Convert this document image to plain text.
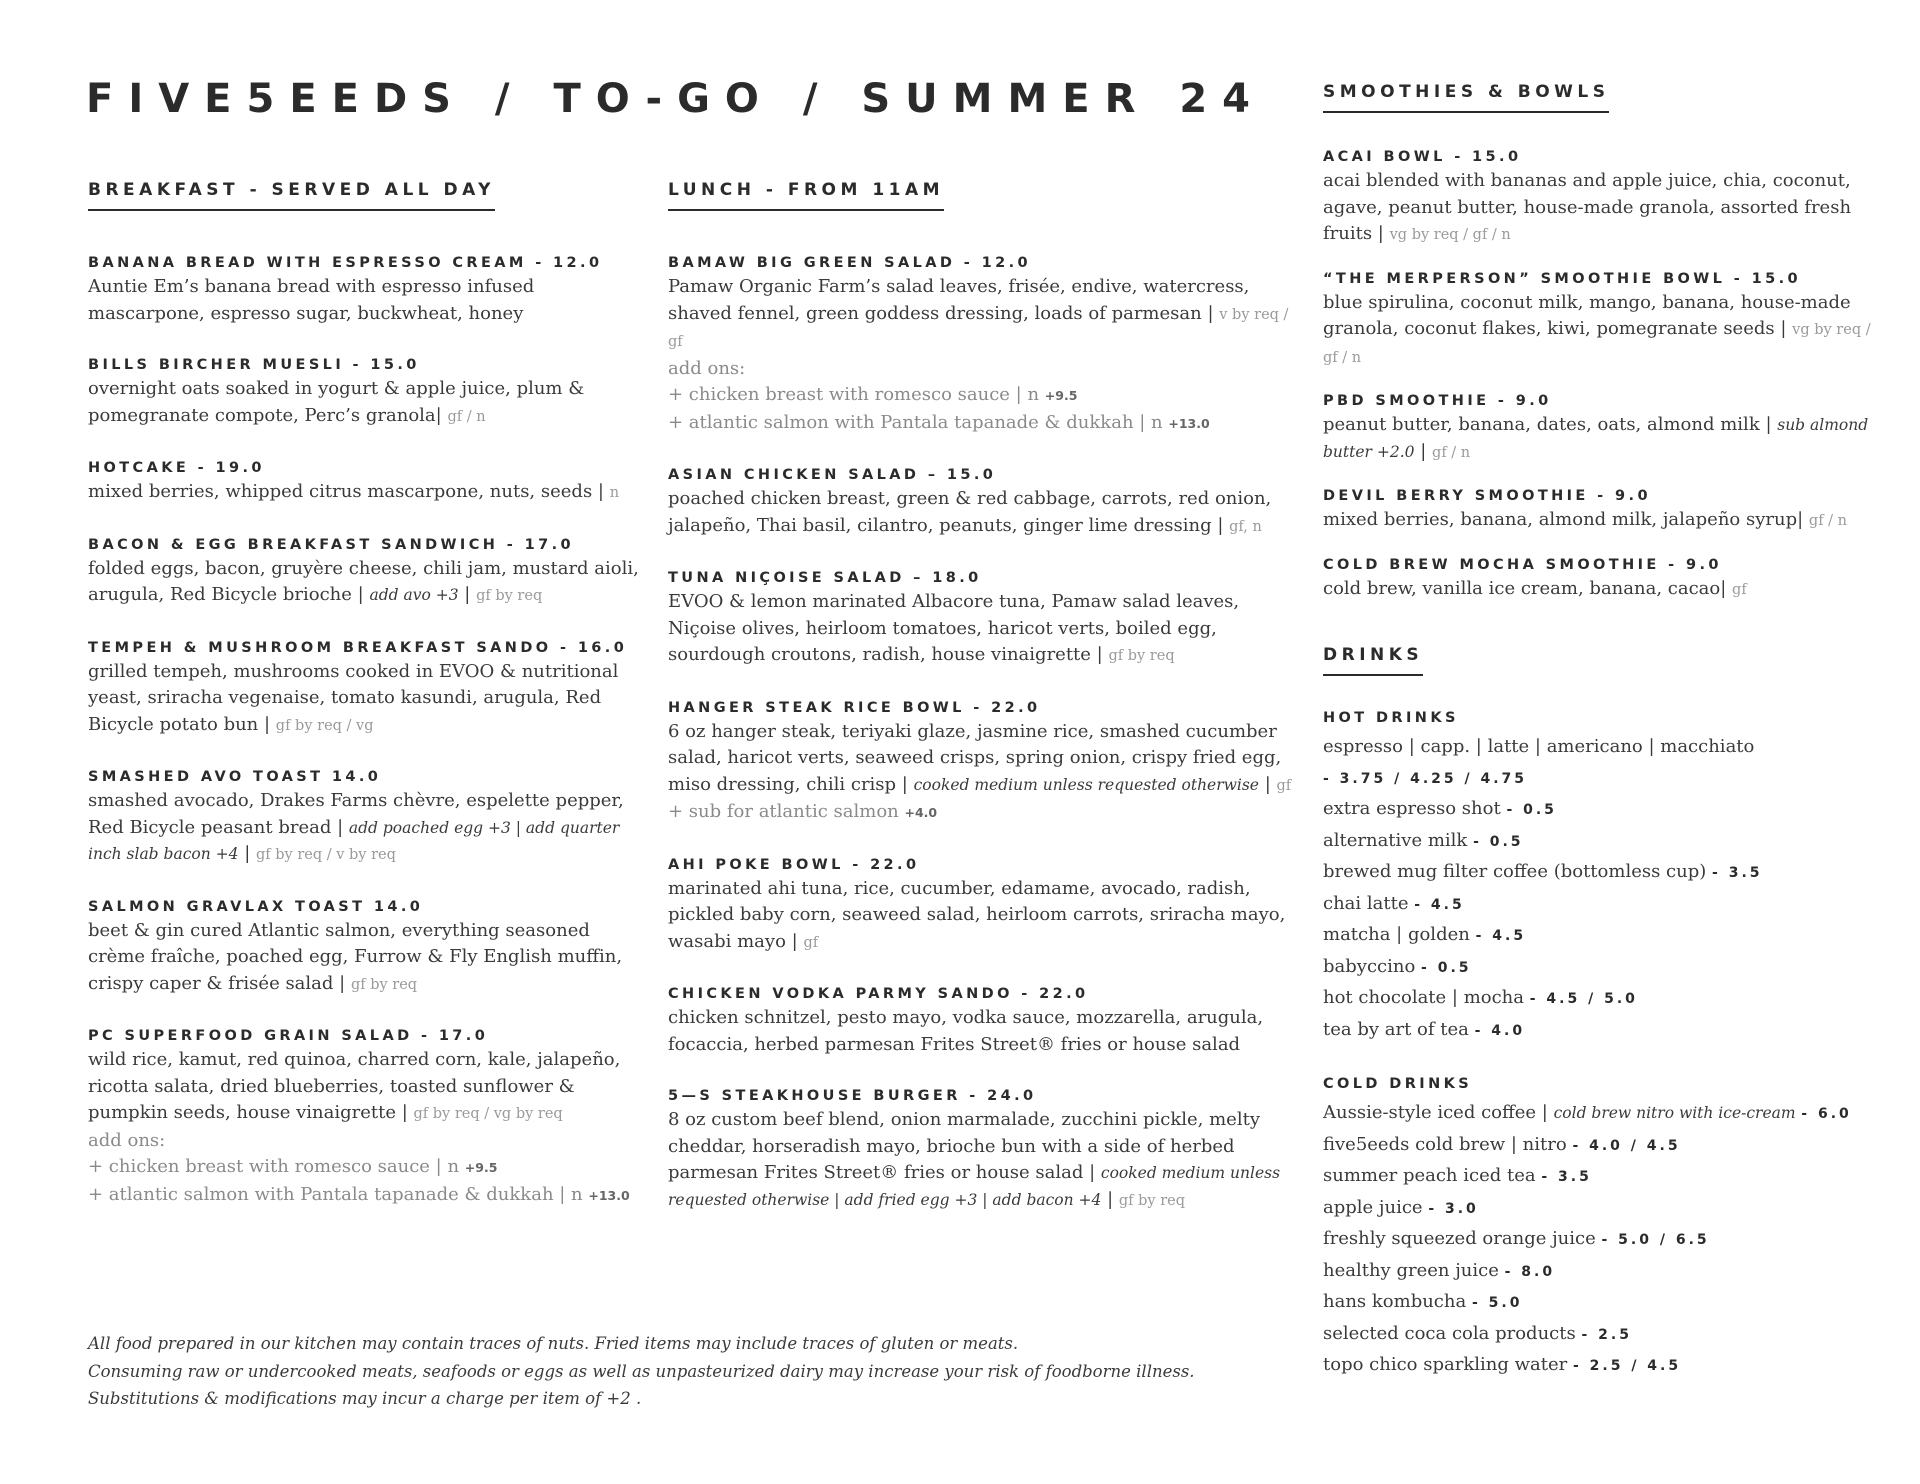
FIVE5EEDS / TO-GO / SUMMER 24
BREAKFAST - SERVED ALL DAY
BANANA BREAD WITH ESPRESSO CREAM - 12.0
Auntie Em’s banana bread with espresso infused mascarpone, espresso sugar, buckwheat, honey
BILLS BIRCHER MUESLI - 15.0
overnight oats soaked in yogurt & apple juice, plum & pomegranate compote, Perc’s granola| gf / n
HOTCAKE - 19.0
mixed berries, whipped citrus mascarpone, nuts, seeds | n
BACON & EGG BREAKFAST SANDWICH - 17.0
folded eggs, bacon, gruyère cheese, chili jam, mustard aioli, arugula, Red Bicycle brioche | add avo +3 | gf by req
TEMPEH & MUSHROOM BREAKFAST SANDO - 16.0
grilled tempeh, mushrooms cooked in EVOO & nutritional yeast, sriracha vegenaise, tomato kasundi, arugula, Red Bicycle potato bun | gf by req / vg
SMASHED AVO TOAST 14.0
smashed avocado, Drakes Farms chèvre, espelette pepper, Red Bicycle peasant bread | add poached egg +3 | add quarter inch slab bacon +4 | gf by req / v by req
SALMON GRAVLAX TOAST 14.0
beet & gin cured Atlantic salmon, everything seasoned crème fraîche, poached egg, Furrow & Fly English muffin, crispy caper & frisée salad | gf by req
PC SUPERFOOD GRAIN SALAD - 17.0
wild rice, kamut, red quinoa, charred corn, kale, jalapeño, ricotta salata, dried blueberries, toasted sunflower & pumpkin seeds, house vinaigrette | gf by req / vg by req
add ons:
+ chicken breast with romesco sauce | n +9.5
+ atlantic salmon with Pantala tapanade & dukkah | n +13.0
LUNCH - FROM 11AM
BAMAW BIG GREEN SALAD - 12.0
Pamaw Organic Farm’s salad leaves, frisée, endive, watercress, shaved fennel, green goddess dressing, loads of parmesan | v by req / gf
add ons:
+ chicken breast with romesco sauce | n +9.5
+ atlantic salmon with Pantala tapanade & dukkah | n +13.0
ASIAN CHICKEN SALAD – 15.0
poached chicken breast, green & red cabbage, carrots, red onion, jalapeño, Thai basil, cilantro, peanuts, ginger lime dressing | gf, n
TUNA NIÇOISE SALAD – 18.0
EVOO & lemon marinated Albacore tuna, Pamaw salad leaves, Niçoise olives, heirloom tomatoes, haricot verts, boiled egg, sourdough croutons, radish, house vinaigrette | gf by req
HANGER STEAK RICE BOWL - 22.0
6 oz hanger steak, teriyaki glaze, jasmine rice, smashed cucumber salad, haricot verts, seaweed crisps, spring onion, crispy fried egg, miso dressing, chili crisp | cooked medium unless requested otherwise | gf
+ sub for atlantic salmon +4.0
AHI POKE BOWL - 22.0
marinated ahi tuna, rice, cucumber, edamame, avocado, radish, pickled baby corn, seaweed salad, heirloom carrots, sriracha mayo, wasabi mayo | gf
CHICKEN VODKA PARMY SANDO - 22.0
chicken schnitzel, pesto mayo, vodka sauce, mozzarella, arugula, focaccia, herbed parmesan Frites Street® fries or house salad
5—S STEAKHOUSE BURGER - 24.0
8 oz custom beef blend, onion marmalade, zucchini pickle, melty cheddar, horseradish mayo, brioche bun with a side of herbed parmesan Frites Street® fries or house salad | cooked medium unless requested otherwise | add fried egg +3 | add bacon +4 | gf by req
SMOOTHIES & BOWLS
ACAI BOWL - 15.0
acai blended with bananas and apple juice, chia, coconut, agave, peanut butter, house-made granola, assorted fresh fruits | vg by req / gf / n
“THE MERPERSON” SMOOTHIE BOWL - 15.0
blue spirulina, coconut milk, mango, banana, house-made granola, coconut flakes, kiwi, pomegranate seeds | vg by req / gf / n
PBD SMOOTHIE - 9.0
peanut butter, banana, dates, oats, almond milk | sub almond butter +2.0 | gf / n
DEVIL BERRY SMOOTHIE - 9.0
mixed berries, banana, almond milk, jalapeño syrup| gf / n
COLD BREW MOCHA SMOOTHIE - 9.0
cold brew, vanilla ice cream, banana, cacao| gf
DRINKS
HOT DRINKS
espresso | capp. | latte | americano | macchiato
- 3.75 / 4.25 / 4.75
extra espresso shot - 0.5
alternative milk - 0.5
brewed mug filter coffee (bottomless cup) - 3.5
chai latte - 4.5
matcha | golden - 4.5
babyccino - 0.5
hot chocolate | mocha - 4.5 / 5.0
tea by art of tea - 4.0
COLD DRINKS
Aussie-style iced coffee | cold brew nitro with ice-cream - 6.0
five5eeds cold brew | nitro - 4.0 / 4.5
summer peach iced tea - 3.5
apple juice - 3.0
freshly squeezed orange juice - 5.0 / 6.5
healthy green juice - 8.0
hans kombucha - 5.0
selected coca cola products - 2.5
topo chico sparkling water - 2.5 / 4.5
All food prepared in our kitchen may contain traces of nuts. Fried items may include traces of gluten or meats.
Consuming raw or undercooked meats, seafoods or eggs as well as unpasteurized dairy may increase your risk of foodborne illness.
Substitutions & modifications may incur a charge per item of +2 .
